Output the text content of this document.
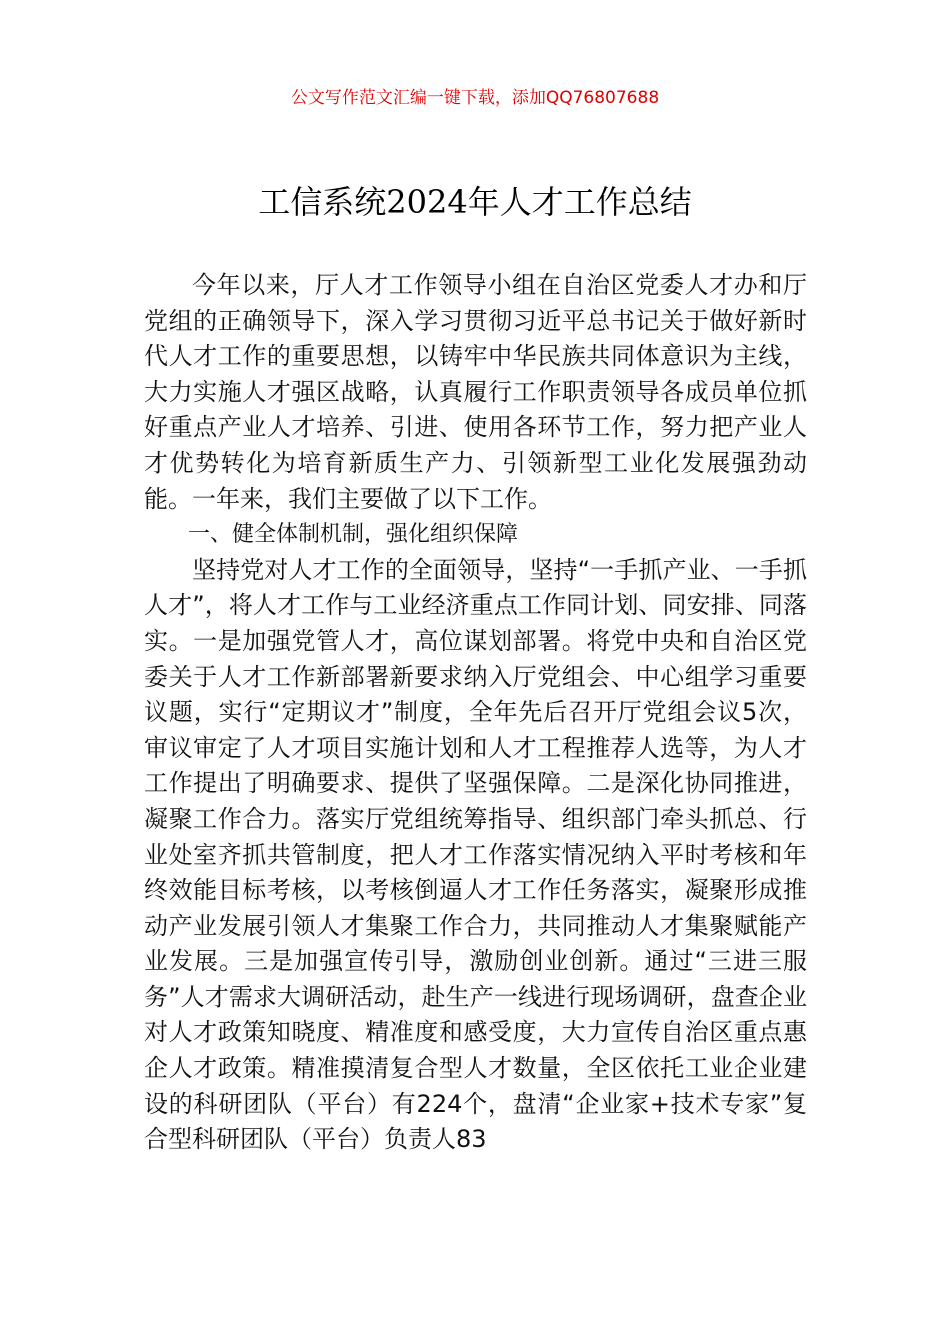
公文写作范文汇编一键下载，添加QQ76807688

工信系统2024年人才工作总结

今年以来，厅人才工作领导小组在自治区党委人才办和厅党组的正确领导下，深入学习贯彻习近平总书记关于做好新时代人才工作的重要思想，以铸牢中华民族共同体意识为主线，大力实施人才强区战略，认真履行工作职责领导各成员单位抓好重点产业人才培养、引进、使用各环节工作，努力把产业人才优势转化为培育新质生产力、引领新型工业化发展强劲动能。一年来，我们主要做了以下工作。

一、健全体制机制，强化组织保障

坚持党对人才工作的全面领导，坚持“一手抓产业、一手抓人才”，将人才工作与工业经济重点工作同计划、同安排、同落实。一是加强党管人才，高位谋划部署。将党中央和自治区党委关于人才工作新部署新要求纳入厅党组会、中心组学习重要议题，实行“定期议才”制度，全年先后召开厅党组会议5次，审议审定了人才项目实施计划和人才工程推荐人选等，为人才工作提出了明确要求、提供了坚强保障。二是深化协同推进，凝聚工作合力。落实厅党组统筹指导、组织部门牵头抓总、行业处室齐抓共管制度，把人才工作落实情况纳入平时考核和年终效能目标考核，以考核倒逼人才工作任务落实，凝聚形成推动产业发展引领人才集聚工作合力，共同推动人才集聚赋能产业发展。三是加强宣传引导，激励创业创新。通过“三进三服务”人才需求大调研活动，赴生产一线进行现场调研，盘查企业对人才政策知晓度、精准度和感受度，大力宣传自治区重点惠企人才政策。精准摸清复合型人才数量，全区依托工业企业建设的科研团队（平台）有224个，盘清“企业家+技术专家”复合型科研团队（平台）负责人83
